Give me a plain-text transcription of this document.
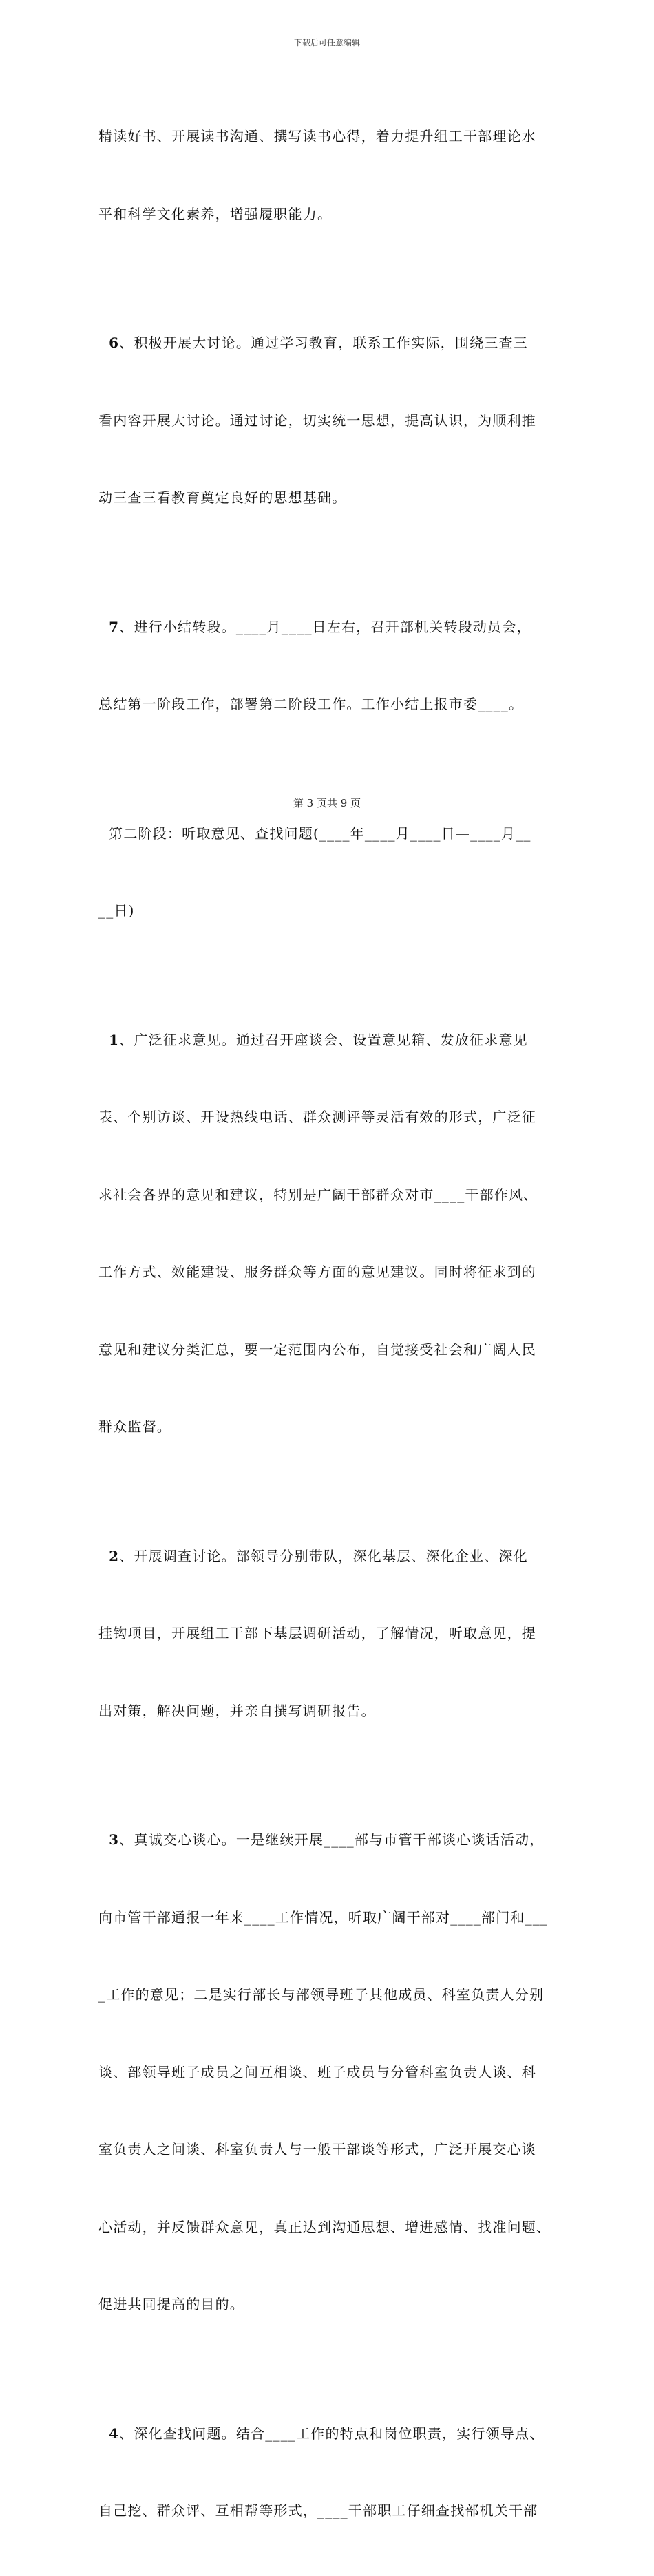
下载后可任意编辑

精读好书、开展读书沟通、撰写读书心得，着力提升组工干部理论水

平和科学文化素养，增强履职能力。

6、积极开展大讨论。通过学习教育，联系工作实际，围绕三查三

看内容开展大讨论。通过讨论，切实统一思想，提高认识，为顺利推

动三查三看教育奠定良好的思想基础。

7、进行小结转段。____月____日左右，召开部机关转段动员会，

总结第一阶段工作，部署第二阶段工作。工作小结上报市委____。

第二阶段：听取意见、查找问题(____年____月____日—____月__

__日)

1、广泛征求意见。通过召开座谈会、设置意见箱、发放征求意见

表、个别访谈、开设热线电话、群众测评等灵活有效的形式，广泛征

求社会各界的意见和建议，特别是广阔干部群众对市____干部作风、

工作方式、效能建设、服务群众等方面的意见建议。同时将征求到的

意见和建议分类汇总，要一定范围内公布，自觉接受社会和广阔人民

群众监督。

2、开展调查讨论。部领导分别带队，深化基层、深化企业、深化

挂钩项目，开展组工干部下基层调研活动，了解情况，听取意见，提

出对策，解决问题，并亲自撰写调研报告。

3、真诚交心谈心。一是继续开展____部与市管干部谈心谈话活动，

向市管干部通报一年来____工作情况，听取广阔干部对____部门和___

_工作的意见；二是实行部长与部领导班子其他成员、科室负责人分别

谈、部领导班子成员之间互相谈、班子成员与分管科室负责人谈、科

室负责人之间谈、科室负责人与一般干部谈等形式，广泛开展交心谈

心活动，并反馈群众意见，真正达到沟通思想、增进感情、找准问题、

促进共同提高的目的。

4、深化查找问题。结合____工作的特点和岗位职责，实行领导点、

自己挖、群众评、互相帮等形式，____干部职工仔细查找部机关干部

第 3 页共 9 页
